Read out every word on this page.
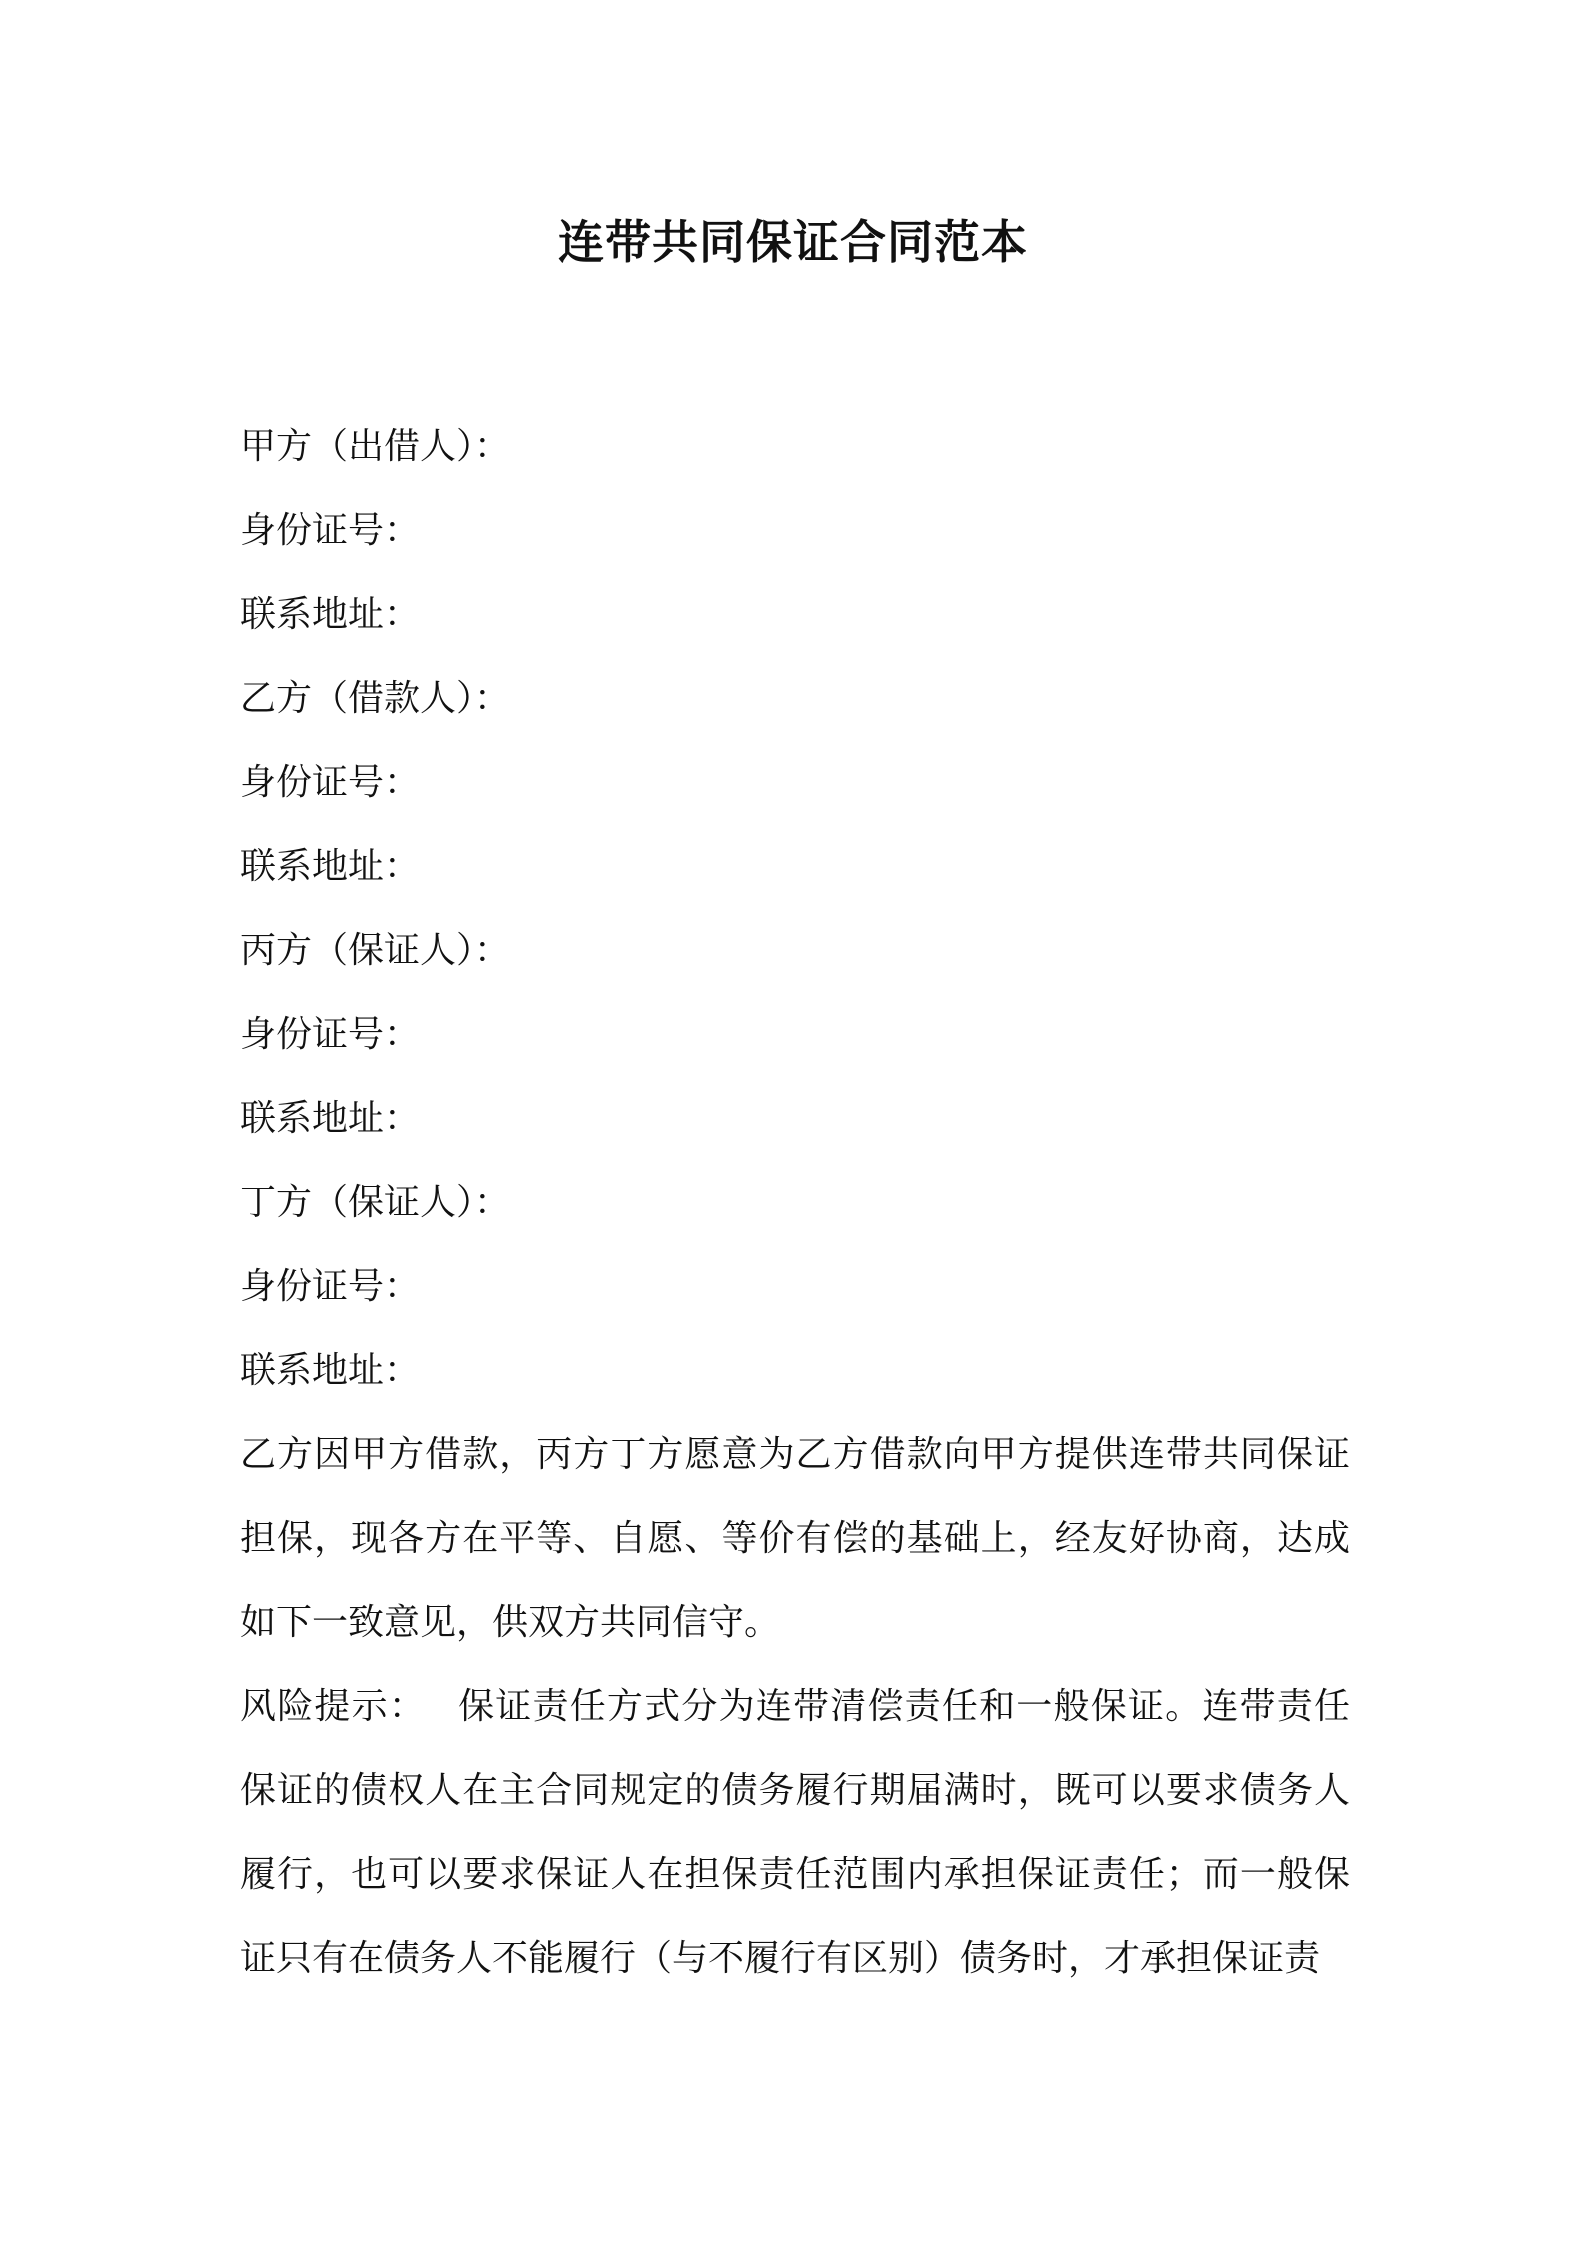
连带共同保证合同范本

甲方（出借人）：

身份证号：

联系地址：

乙方（借款人）：

身份证号：

联系地址：

丙方（保证人）：

身份证号：

联系地址：

丁方（保证人）：

身份证号：

联系地址：

乙方因甲方借款，丙方丁方愿意为乙方借款向甲方提供连带共同保证担保，现各方在平等、自愿、等价有偿的基础上，经友好协商，达成如下一致意见，供双方共同信守。

风险提示： 保证责任方式分为连带清偿责任和一般保证。连带责任保证的债权人在主合同规定的债务履行期届满时，既可以要求债务人履行，也可以要求保证人在担保责任范围内承担保证责任；而一般保证只有在债务人不能履行（与不履行有区别）债务时，才承担保证责
